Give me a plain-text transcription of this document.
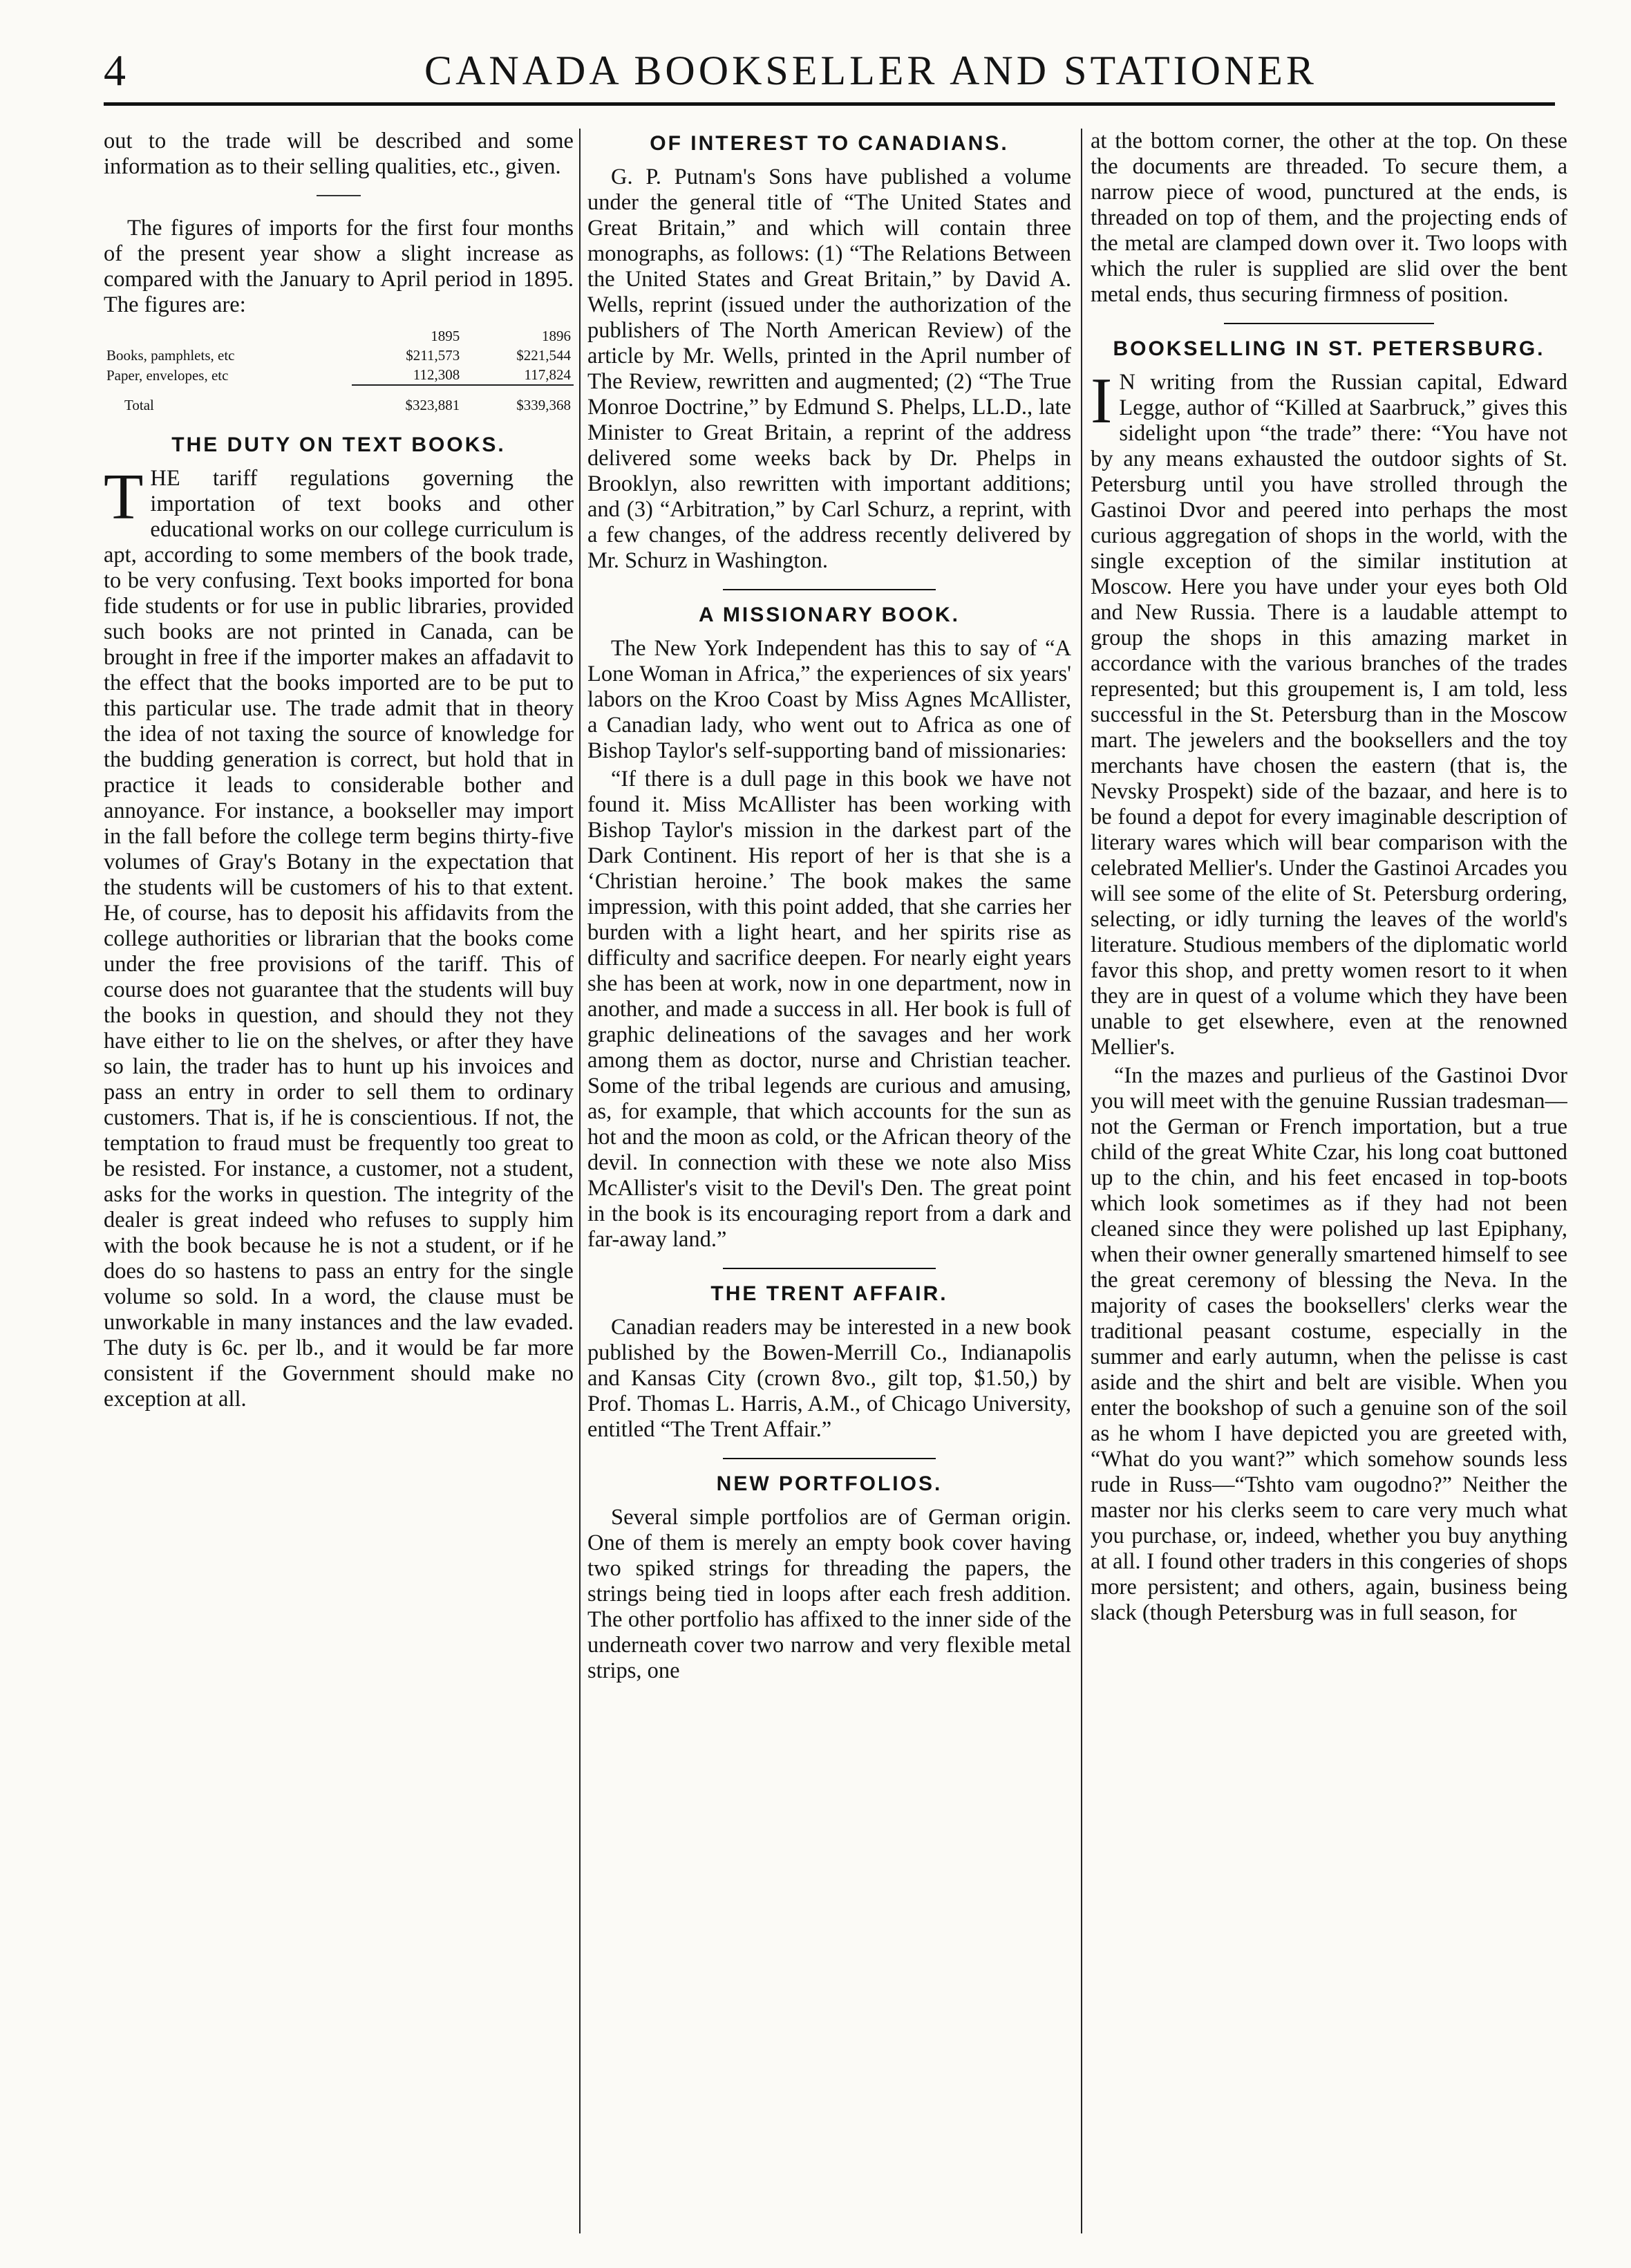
4	CANADA BOOKSELLER AND STATIONER

out to the trade will be described and some information as to their selling qualities, etc., given.

The figures of imports for the first four months of the present year show a slight increase as compared with the January to April period in 1895. The figures are:

	1895	1896
Books, pamphlets, etc	$211,573	$221,544
Paper, envelopes, etc	112,308	117,824
Total	$323,881	$339,368
THE DUTY ON TEXT BOOKS.

THE tariff regulations governing the importation of text books and other educational works on our college curriculum is apt, according to some members of the book trade, to be very confusing. Text books imported for bona fide students or for use in public libraries, provided such books are not printed in Canada, can be brought in free if the importer makes an affadavit to the effect that the books imported are to be put to this particular use. The trade admit that in theory the idea of not taxing the source of knowledge for the budding generation is correct, but hold that in practice it leads to considerable bother and annoyance. For instance, a bookseller may import in the fall before the college term begins thirty-five volumes of Gray's Botany in the expectation that the students will be customers of his to that extent. He, of course, has to deposit his affidavits from the college authorities or librarian that the books come under the free provisions of the tariff. This of course does not guarantee that the students will buy the books in question, and should they not they have either to lie on the shelves, or after they have so lain, the trader has to hunt up his invoices and pass an entry in order to sell them to ordinary customers. That is, if he is conscientious. If not, the temptation to fraud must be frequently too great to be resisted. For instance, a customer, not a student, asks for the works in question. The integrity of the dealer is great indeed who refuses to supply him with the book because he is not a student, or if he does do so hastens to pass an entry for the single volume so sold. In a word, the clause must be unworkable in many instances and the law evaded. The duty is 6c. per lb., and it would be far more consistent if the Government should make no exception at all.

OF INTEREST TO CANADIANS.

G. P. Putnam's Sons have published a volume under the general title of “The United States and Great Britain,” and which will contain three monographs, as follows: (1) “The Relations Between the United States and Great Britain,” by David A. Wells, reprint (issued under the authorization of the publishers of The North American Review) of the article by Mr. Wells, printed in the April number of The Review, rewritten and augmented; (2) “The True Monroe Doctrine,” by Edmund S. Phelps, LL.D., late Minister to Great Britain, a reprint of the address delivered some weeks back by Dr. Phelps in Brooklyn, also rewritten with important additions; and (3) “Arbitration,” by Carl Schurz, a reprint, with a few changes, of the address recently delivered by Mr. Schurz in Washington.

A MISSIONARY BOOK.

The New York Independent has this to say of “A Lone Woman in Africa,” the experiences of six years' labors on the Kroo Coast by Miss Agnes McAllister, a Canadian lady, who went out to Africa as one of Bishop Taylor's self-supporting band of missionaries:

“If there is a dull page in this book we have not found it. Miss McAllister has been working with Bishop Taylor's mission in the darkest part of the Dark Continent. His report of her is that she is a ‘Christian heroine.’ The book makes the same impression, with this point added, that she carries her burden with a light heart, and her spirits rise as difficulty and sacrifice deepen. For nearly eight years she has been at work, now in one department, now in another, and made a success in all. Her book is full of graphic delineations of the savages and her work among them as doctor, nurse and Christian teacher. Some of the tribal legends are curious and amusing, as, for example, that which accounts for the sun as hot and the moon as cold, or the African theory of the devil. In connection with these we note also Miss McAllister's visit to the Devil's Den. The great point in the book is its encouraging report from a dark and far-away land.”

THE TRENT AFFAIR.

Canadian readers may be interested in a new book published by the Bowen-Merrill Co., Indianapolis and Kansas City (crown 8vo., gilt top, $1.50,) by Prof. Thomas L. Harris, A.M., of Chicago University, entitled “The Trent Affair.”

NEW PORTFOLIOS.

Several simple portfolios are of German origin. One of them is merely an empty book cover having two spiked strings for threading the papers, the strings being tied in loops after each fresh addition. The other portfolio has affixed to the inner side of the underneath cover two narrow and very flexible metal strips, one

at the bottom corner, the other at the top. On these the documents are threaded. To secure them, a narrow piece of wood, punctured at the ends, is threaded on top of them, and the projecting ends of the metal are clamped down over it. Two loops with which the ruler is supplied are slid over the bent metal ends, thus securing firmness of position.

BOOKSELLING IN ST. PETERSBURG.

I N writing from the Russian capital, Edward Legge, author of “Killed at Saarbruck,” gives this sidelight upon “the trade” there: “You have not by any means exhausted the outdoor sights of St. Petersburg until you have strolled through the Gastinoi Dvor and peered into perhaps the most curious aggregation of shops in the world, with the single exception of the similar institution at Moscow. Here you have under your eyes both Old and New Russia. There is a laudable attempt to group the shops in this amazing market in accordance with the various branches of the trades represented; but this groupement is, I am told, less successful in the St. Petersburg than in the Moscow mart. The jewelers and the booksellers and the toy merchants have chosen the eastern (that is, the Nevsky Prospekt) side of the bazaar, and here is to be found a depot for every imaginable description of literary wares which will bear comparison with the celebrated Mellier's. Under the Gastinoi Arcades you will see some of the elite of St. Petersburg ordering, selecting, or idly turning the leaves of the world's literature. Studious members of the diplomatic world favor this shop, and pretty women resort to it when they are in quest of a volume which they have been unable to get elsewhere, even at the renowned Mellier's.

“In the mazes and purlieus of the Gastinoi Dvor you will meet with the genuine Russian tradesman—not the German or French importation, but a true child of the great White Czar, his long coat buttoned up to the chin, and his feet encased in top-boots which look sometimes as if they had not been cleaned since they were polished up last Epiphany, when their owner generally smartened himself to see the great ceremony of blessing the Neva. In the majority of cases the booksellers' clerks wear the traditional peasant costume, especially in the summer and early autumn, when the pelisse is cast aside and the shirt and belt are visible. When you enter the bookshop of such a genuine son of the soil as he whom I have depicted you are greeted with, “What do you want?” which somehow sounds less rude in Russ—“Tshto vam ougodno?” Neither the master nor his clerks seem to care very much what you purchase, or, indeed, whether you buy anything at all. I found other traders in this congeries of shops more persistent; and others, again, business being slack (though Petersburg was in full season, for
